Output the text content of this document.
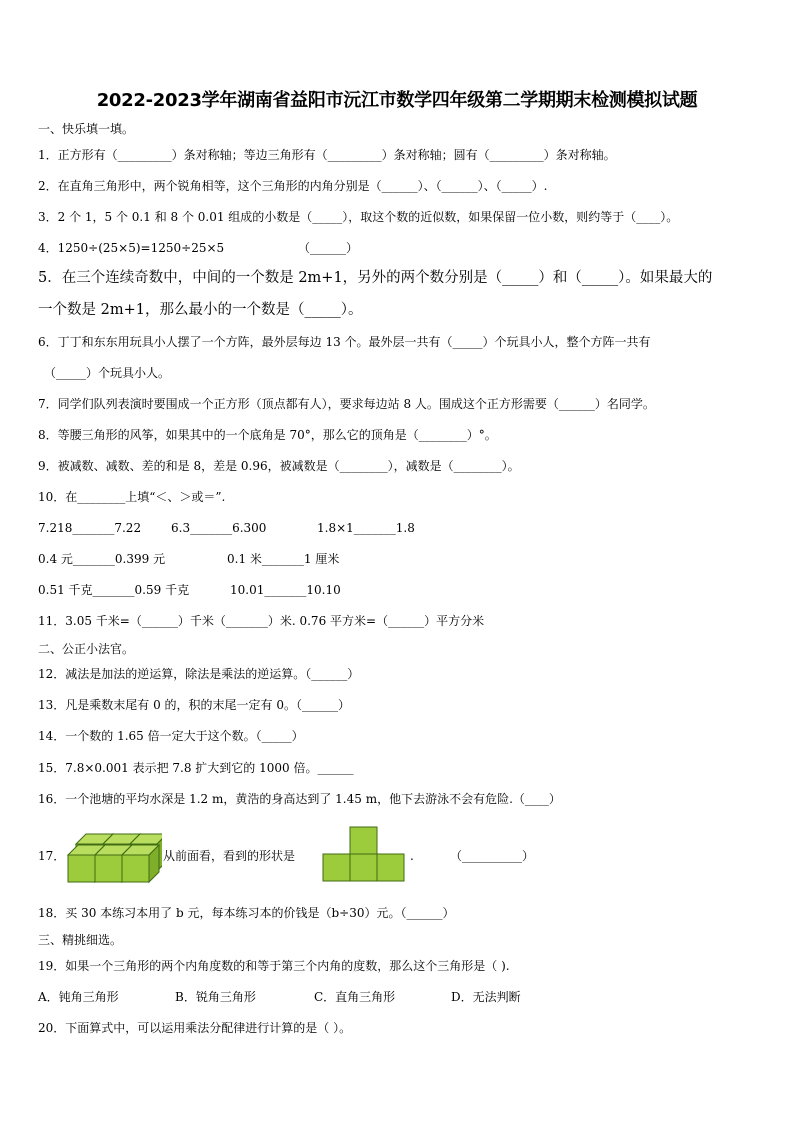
2022-2023学年湖南省益阳市沅江市数学四年级第二学期期末检测模拟试题
一、快乐填一填。
1．正方形有（_________）条对称轴；等边三角形有（_________）条对称轴；圆有（_________）条对称轴。
2．在直角三角形中，两个锐角相等，这个三角形的内角分别是（______）、（______）、（_____）.
3．2 个 1，5 个 0.1 和 8 个 0.01 组成的小数是（_____），取这个数的近似数，如果保留一位小数，则约等于（____）。
4．1250÷(25×5)=1250÷25×5	（______）
5．在三个连续奇数中，中间的一个数是 2m+1，另外的两个数分别是（_____）和（_____）。如果最大的
一个数是 2m+1，那么最小的一个数是（_____）。
6．丁丁和东东用玩具小人摆了一个方阵，最外层每边 13 个。最外层一共有（_____）个玩具小人，整个方阵一共有
（_____）个玩具小人。
7．同学们队列表演时要围成一个正方形（顶点都有人），要求每边站 8 人。围成这个正方形需要（______）名同学。
8．等腰三角形的风筝，如果其中的一个底角是 70°，那么它的顶角是（________）°。
9．被减数、减数、差的和是 8，差是 0.96，被减数是（________），减数是（________）。
10．在________上填“＜、＞或＝”.
7.218_______7.22 6.3_______6.300	1.8×1_______1.8
0.4 元_______0.399 元	0.1 米_______1 厘米
0.51 千克_______0.59 千克	10.01_______10.10
11．3.05 千米=（______）千米（_______）米. 0.76 平方米=（______）平方分米
二、公正小法官。
12．减法是加法的逆运算，除法是乘法的逆运算。（______）
13．凡是乘数末尾有 0 的，积的末尾一定有 0。（______）
14．一个数的 1.65 倍一定大于这个数。（_____）
15．7.8×0.001 表示把 7.8 扩大到它的 1000 倍。______
16．一个池塘的平均水深是 1.2 m，黄浩的身高达到了 1.45 m，他下去游泳不会有危险.（____）
17．	从前面看，看到的形状是	.	（__________）
18．买 30 本练习本用了 b 元，每本练习本的价钱是（b÷30）元。（______）
三、精挑细选。
19．如果一个三角形的两个内角度数的和等于第三个内角的度数，那么这个三角形是（ ).
A．钝角三角形	B．锐角三角形	C．直角三角形	D．无法判断
20．下面算式中，可以运用乘法分配律进行计算的是（ ）。
